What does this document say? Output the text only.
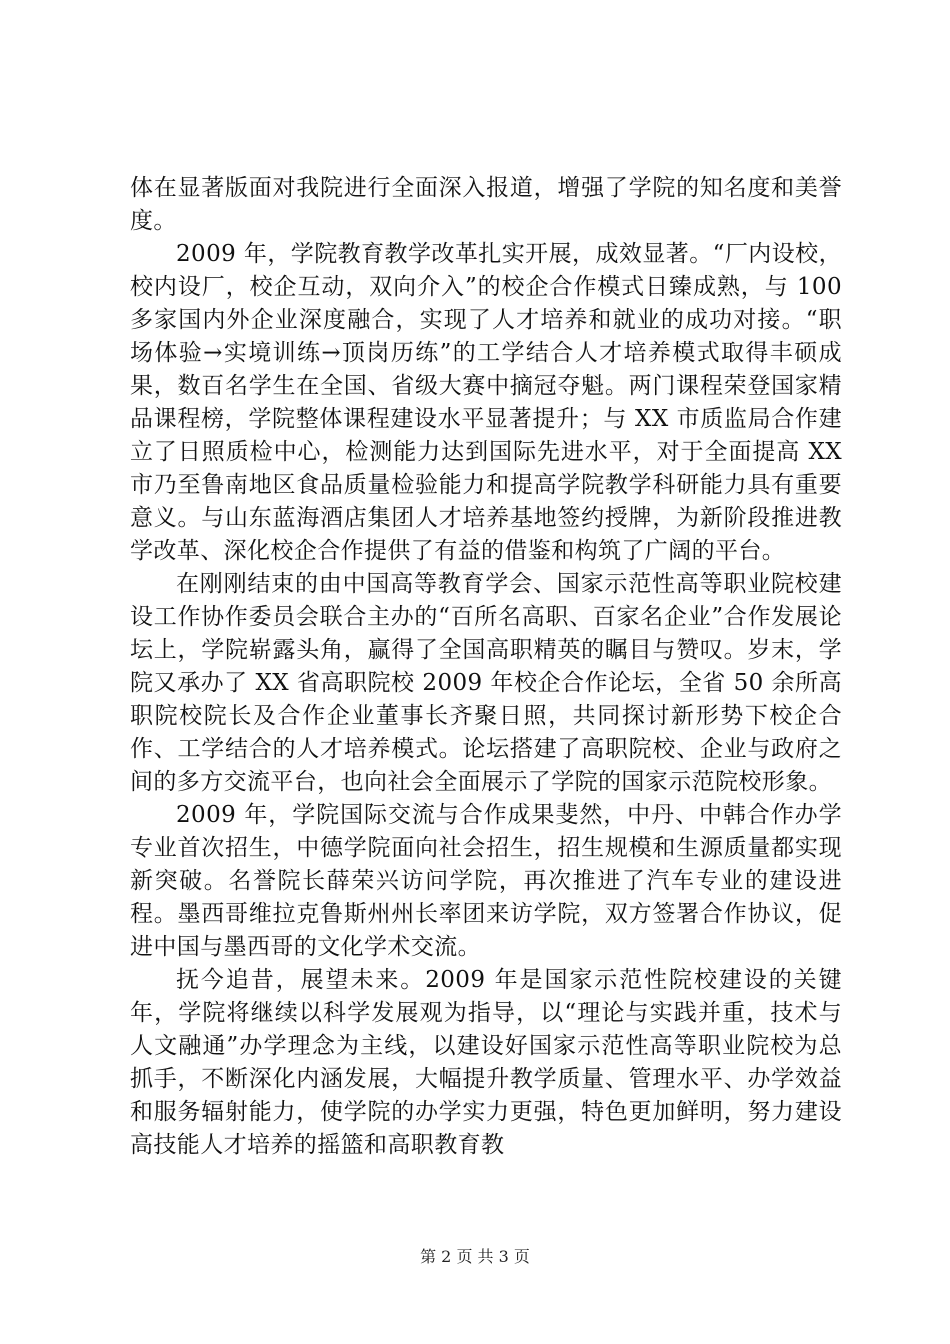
体在显著版面对我院进行全面深入报道，增强了学院的知名度和美誉度。

2009 年，学院教育教学改革扎实开展，成效显著。“厂内设校，校内设厂，校企互动，双向介入”的校企合作模式日臻成熟，与 100 多家国内外企业深度融合，实现了人才培养和就业的成功对接。“职场体验→实境训练→顶岗历练”的工学结合人才培养模式取得丰硕成果，数百名学生在全国、省级大赛中摘冠夺魁。两门课程荣登国家精品课程榜，学院整体课程建设水平显著提升；与 XX 市质监局合作建立了日照质检中心，检测能力达到国际先进水平，对于全面提高 XX 市乃至鲁南地区食品质量检验能力和提高学院教学科研能力具有重要意义。与山东蓝海酒店集团人才培养基地签约授牌，为新阶段推进教学改革、深化校企合作提供了有益的借鉴和构筑了广阔的平台。

在刚刚结束的由中国高等教育学会、国家示范性高等职业院校建设工作协作委员会联合主办的“百所名高职、百家名企业”合作发展论坛上，学院崭露头角，赢得了全国高职精英的瞩目与赞叹。岁末，学院又承办了 XX 省高职院校 2009 年校企合作论坛，全省 50 余所高职院校院长及合作企业董事长齐聚日照，共同探讨新形势下校企合作、工学结合的人才培养模式。论坛搭建了高职院校、企业与政府之间的多方交流平台，也向社会全面展示了学院的国家示范院校形象。

2009 年，学院国际交流与合作成果斐然，中丹、中韩合作办学专业首次招生，中德学院面向社会招生，招生规模和生源质量都实现新突破。名誉院长薛荣兴访问学院，再次推进了汽车专业的建设进程。墨西哥维拉克鲁斯州州长率团来访学院，双方签署合作协议，促进中国与墨西哥的文化学术交流。

抚今追昔，展望未来。2009 年是国家示范性院校建设的关键年，学院将继续以科学发展观为指导，以“理论与实践并重，技术与人文融通”办学理念为主线，以建设好国家示范性高等职业院校为总抓手，不断深化内涵发展，大幅提升教学质量、管理水平、办学效益和服务辐射能力，使学院的办学实力更强，特色更加鲜明，努力建设高技能人才培养的摇篮和高职教育教

第 2 页 共 3 页
